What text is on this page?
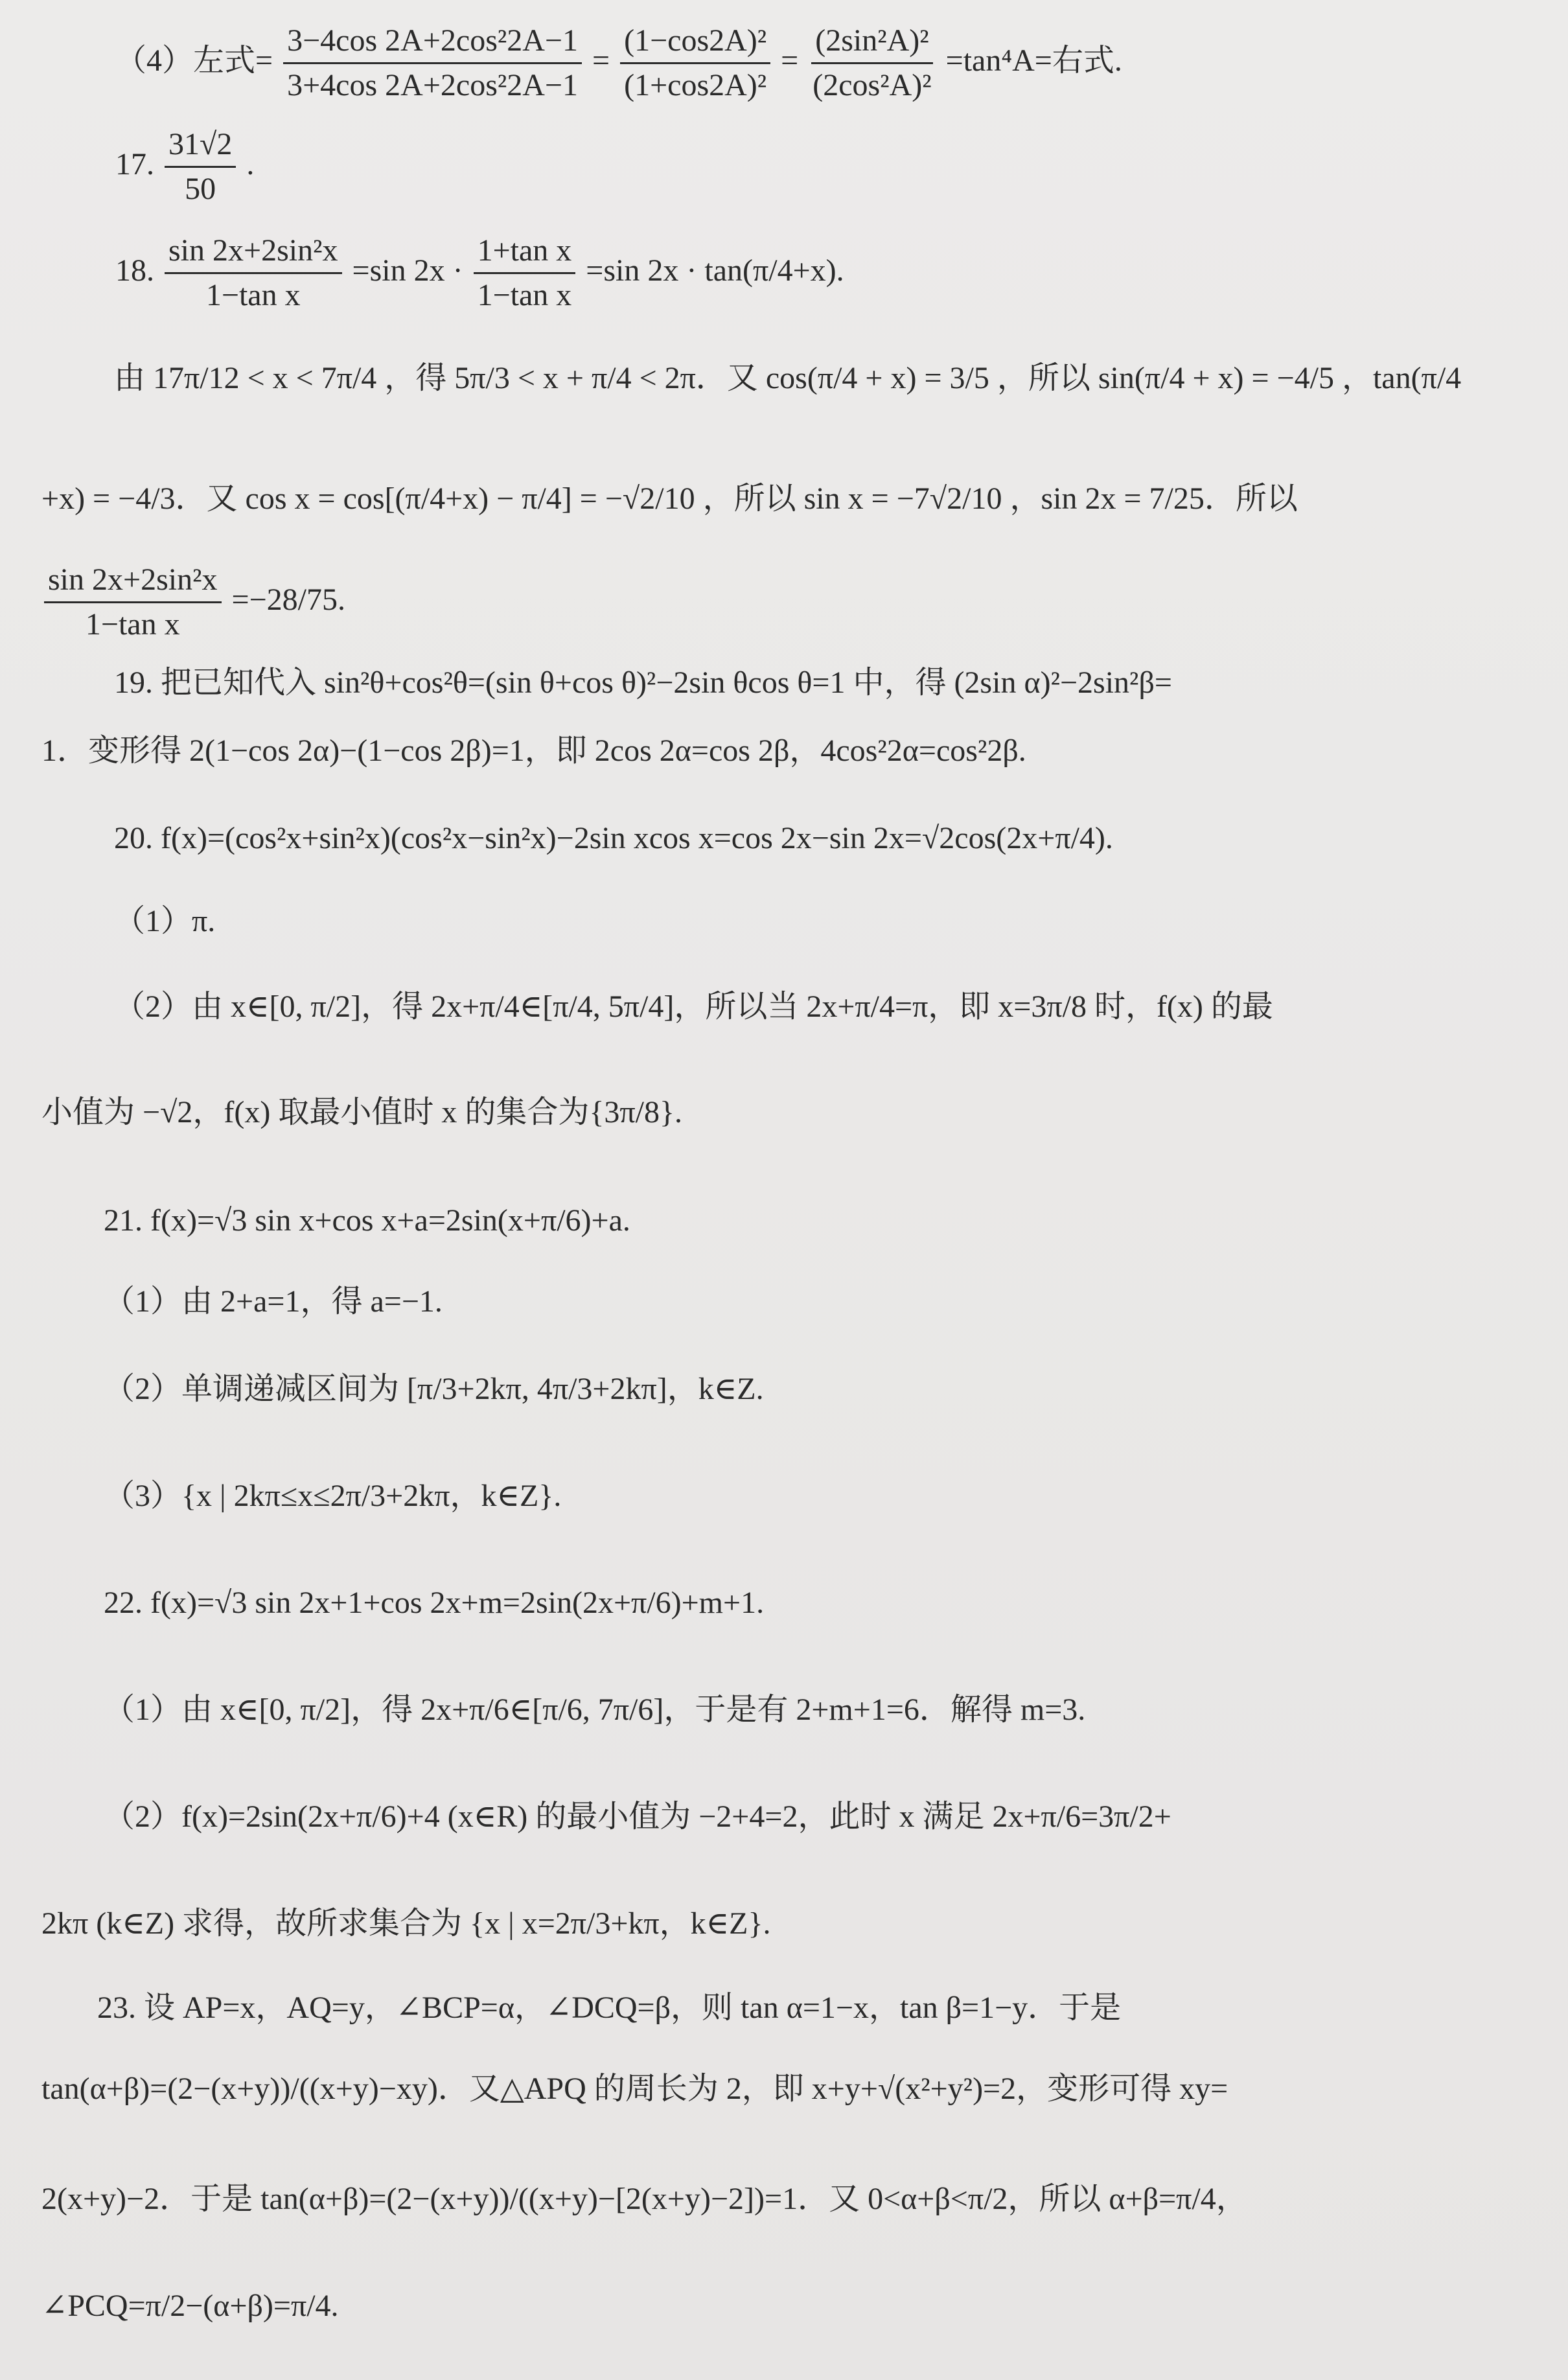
（4）左式= $\frac{\text{3−4cos 2A+2cos²2A−1}}{\text{3+4cos 2A+2cos²2A−1}} = \frac{\text{(1−cos2A)²}}{\text{(1+cos2A)²}} = \frac{\text{(2sin²A)²}}{\text{(2cos²A)²}} =\tan^4A=$右式.
17. $\frac{31√2}{50}$ .
18. $\frac{\text{sin 2x+2sin²x}}{\text{1−tan x}} =\sin$ $2x \cdot \frac{\text{1+tan x}}{\text{1−tan x}} =\sin$ 2x · tan(π/4+x).
由 17π/12 < x < 7π/4 ，得 5π/3 < x + π/4 < 2π．又 cos(π/4 + x) = 3/5 ，所以 sin(π/4 + x) = −4/5 ，tan(π/4
+x) = −4/3．又 cos x = cos[(π/4+x) − π/4] = −√2/10 ，所以 sin x = −7√2/10 ，sin 2x = 7/25．所以
$\frac{\text{sin 2x+2sin²x}}{\text{1−tan x}} =-28/75$.
19. 把已知代入 sin²θ+cos²θ=(sin θ+cos θ)²−2sin θcos θ=1 中，得 (2sin α)²−2sin²β=
1．变形得 2(1−cos 2α)−(1−cos 2β)=1，即 2cos 2α=cos 2β，4cos²2α=cos²2β.
20. f(x)=(cos²x+sin²x)(cos²x−sin²x)−2sin xcos x=cos 2x−sin 2x=√2cos(2x+π/4).
（1）π.
（2）由 x∈[0, π/2]，得 2x+π/4∈[π/4, 5π/4]，所以当 2x+π/4=π，即 x=3π/8 时，f(x) 的最
小值为 −√2，f(x) 取最小值时 x 的集合为{3π/8}.
21. f(x)=√3 sin x+cos x+a=2sin(x+π/6)+a.
（1）由 2+a=1，得 a=−1.
（2）单调递减区间为 [π/3+2kπ, 4π/3+2kπ]，k∈Z.
（3）{x | 2kπ≤x≤2π/3+2kπ，k∈Z}.
22. f(x)=√3 sin 2x+1+cos 2x+m=2sin(2x+π/6)+m+1.
（1）由 x∈[0, π/2]，得 2x+π/6∈[π/6, 7π/6]，于是有 2+m+1=6．解得 m=3.
（2）f(x)=2sin(2x+π/6)+4 (x∈R) 的最小值为 −2+4=2，此时 x 满足 2x+π/6=3π/2+
2kπ (k∈Z) 求得，故所求集合为 {x | x=2π/3+kπ，k∈Z}.
23. 设 AP=x，AQ=y，∠BCP=α，∠DCQ=β，则 tan α=1−x，tan β=1−y．于是
tan(α+β)=(2−(x+y))/((x+y)−xy)．又△APQ 的周长为 2，即 x+y+√(x²+y²)=2，变形可得 xy=
2(x+y)−2．于是 tan(α+β)=(2−(x+y))/((x+y)−[2(x+y)−2])=1．又 0<α+β<π/2，所以 α+β=π/4，
∠PCQ=π/2−(α+β)=π/4.
